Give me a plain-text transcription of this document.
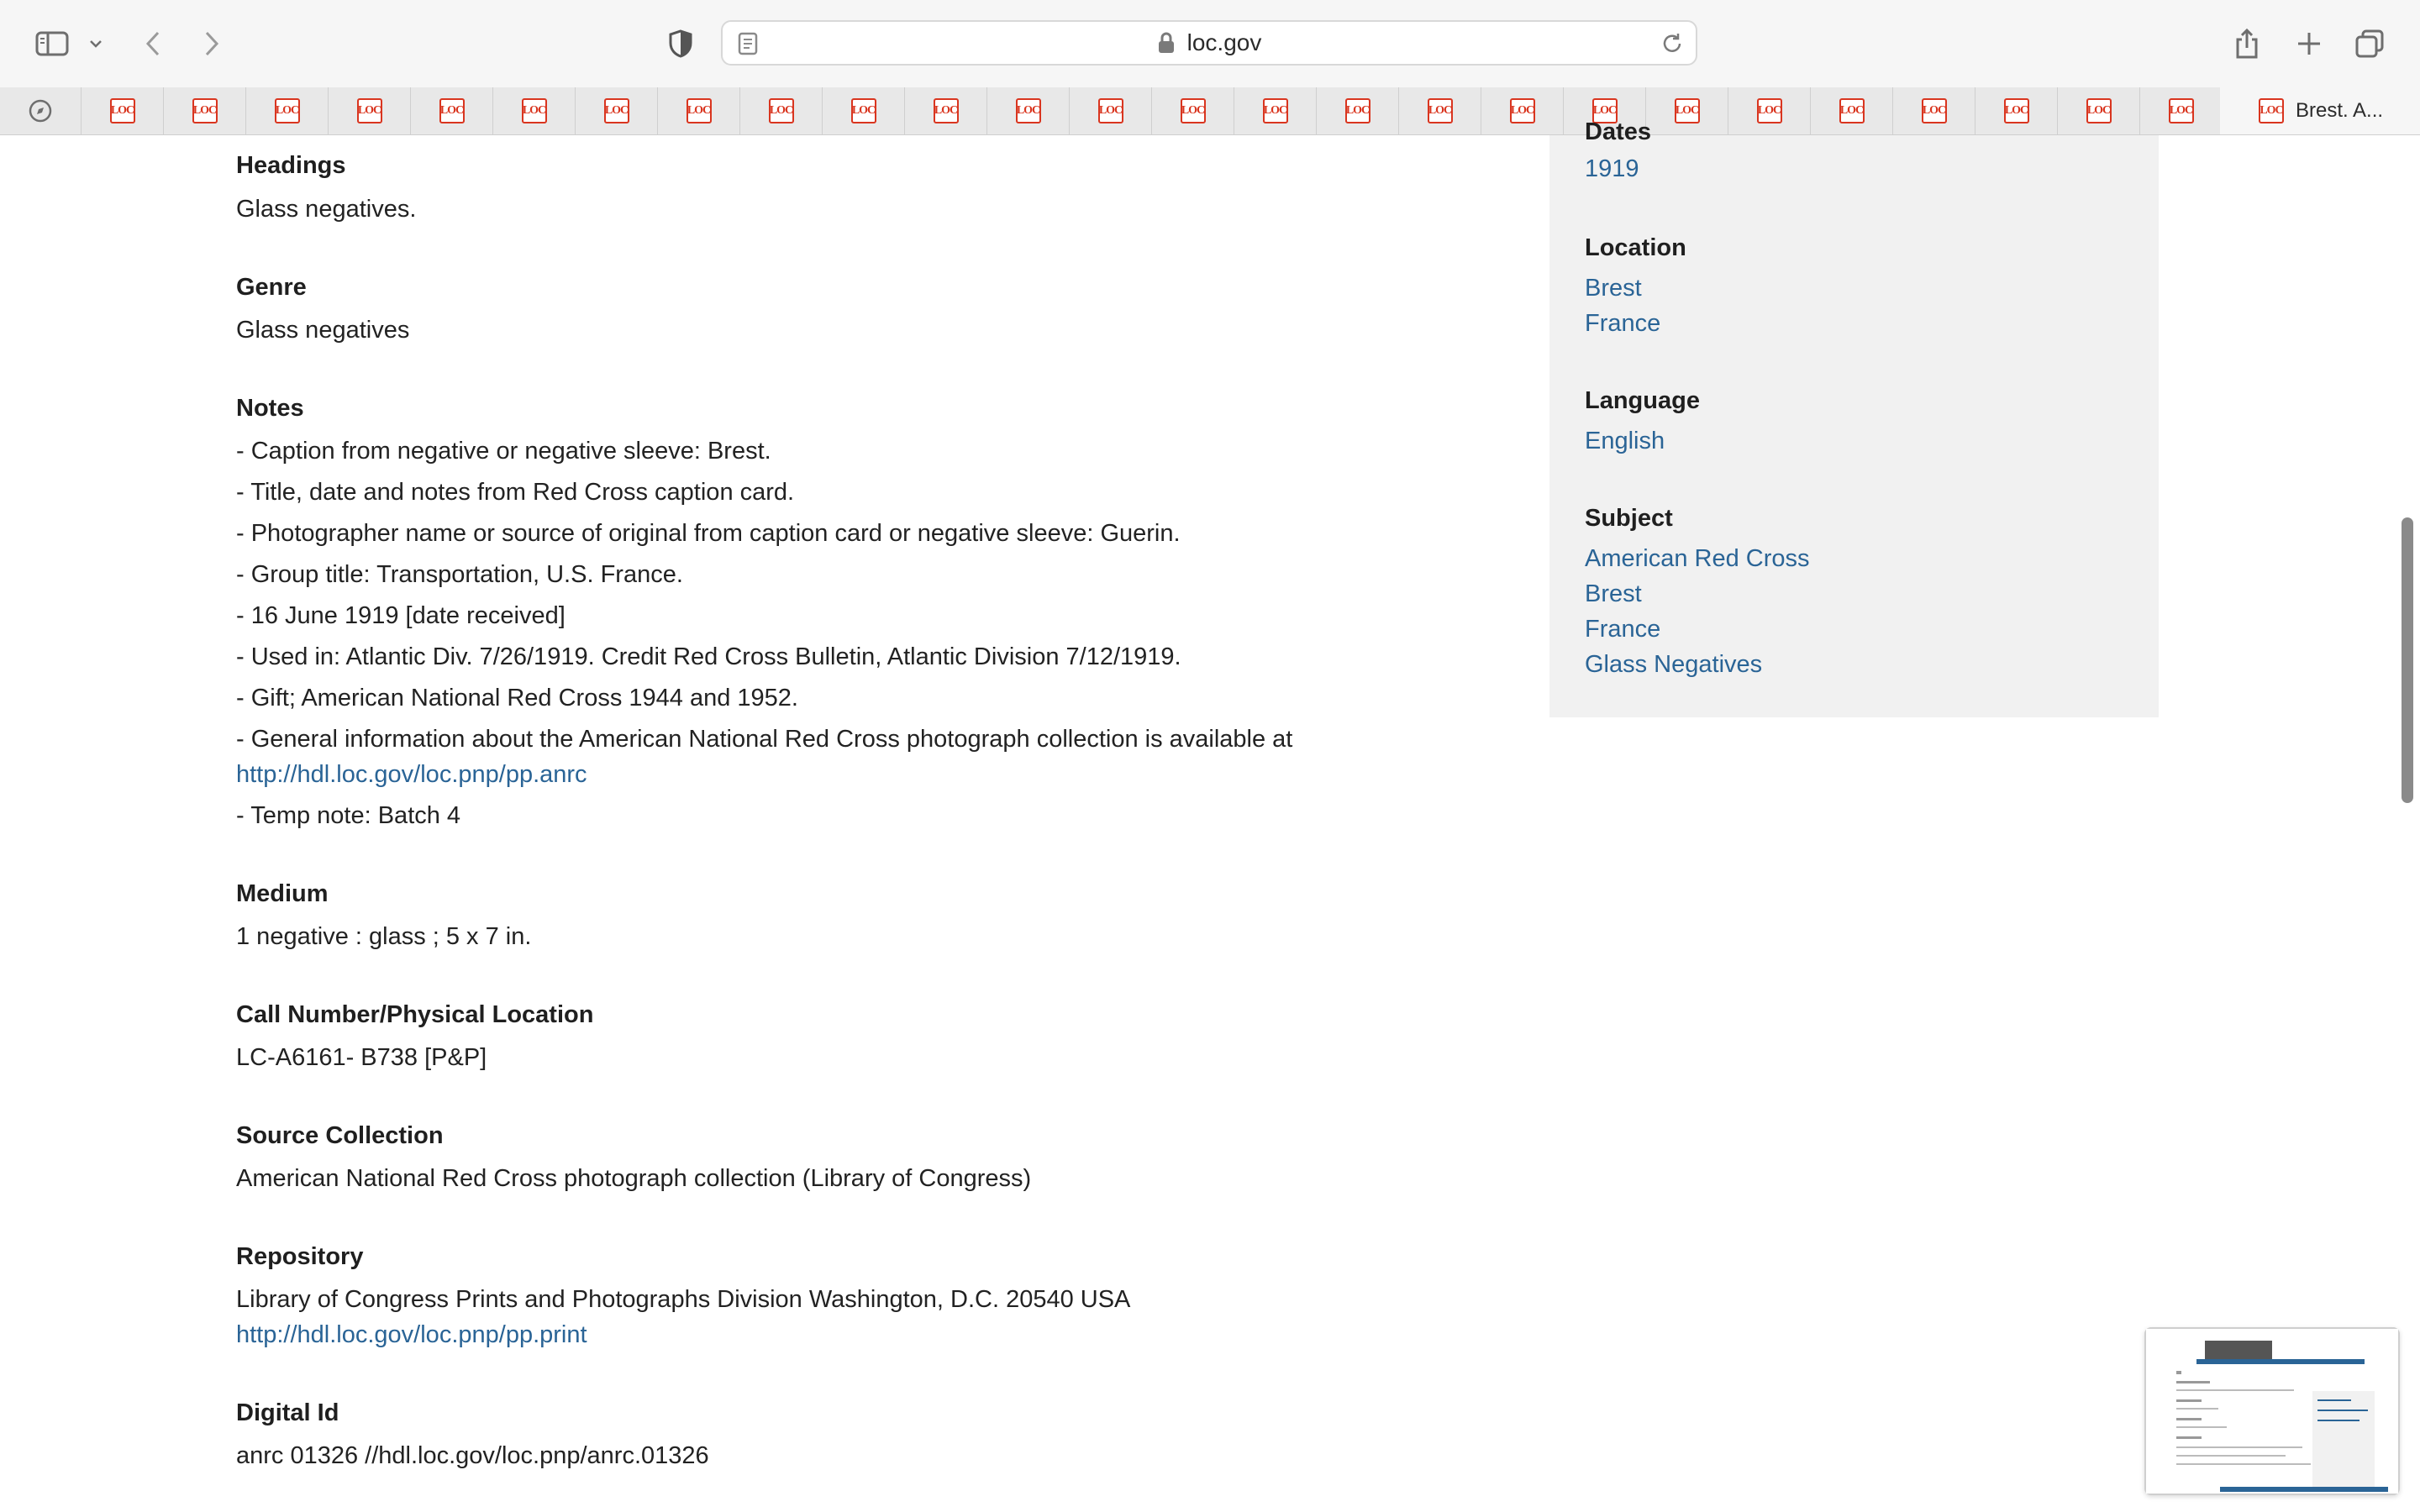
loc.gov
LOC	LOC	LOC	LOC	LOC	LOC	LOC	LOC	LOC	LOC	LOC	LOC	LOC	LOC	LOC	LOC	LOC	LOC	LOC	LOC	LOC	LOC	LOC	LOC	LOC	LOC	LOC Brest. A...
Headings
Glass negatives.
Genre
Glass negatives
Notes
- Caption from negative or negative sleeve: Brest.
- Title, date and notes from Red Cross caption card.
- Photographer name or source of original from caption card or negative sleeve: Guerin.
- Group title: Transportation, U.S. France.
- 16 June 1919 [date received]
- Used in: Atlantic Div. 7/26/1919. Credit Red Cross Bulletin, Atlantic Division 7/12/1919.
- Gift; American National Red Cross 1944 and 1952.
- General information about the American National Red Cross photograph collection is available at
http://hdl.loc.gov/loc.pnp/pp.anrc
- Temp note: Batch 4
Medium
1 negative : glass ; 5 x 7 in.
Call Number/Physical Location
LC-A6161- B738 [P&P]
Source Collection
American National Red Cross photograph collection (Library of Congress)
Repository
Library of Congress Prints and Photographs Division Washington, D.C. 20540 USA
http://hdl.loc.gov/loc.pnp/pp.print
Digital Id
anrc 01326 //hdl.loc.gov/loc.pnp/anrc.01326
Dates
1919
Location
Brest
France
Language
English
Subject
American Red Cross
Brest
France
Glass Negatives
